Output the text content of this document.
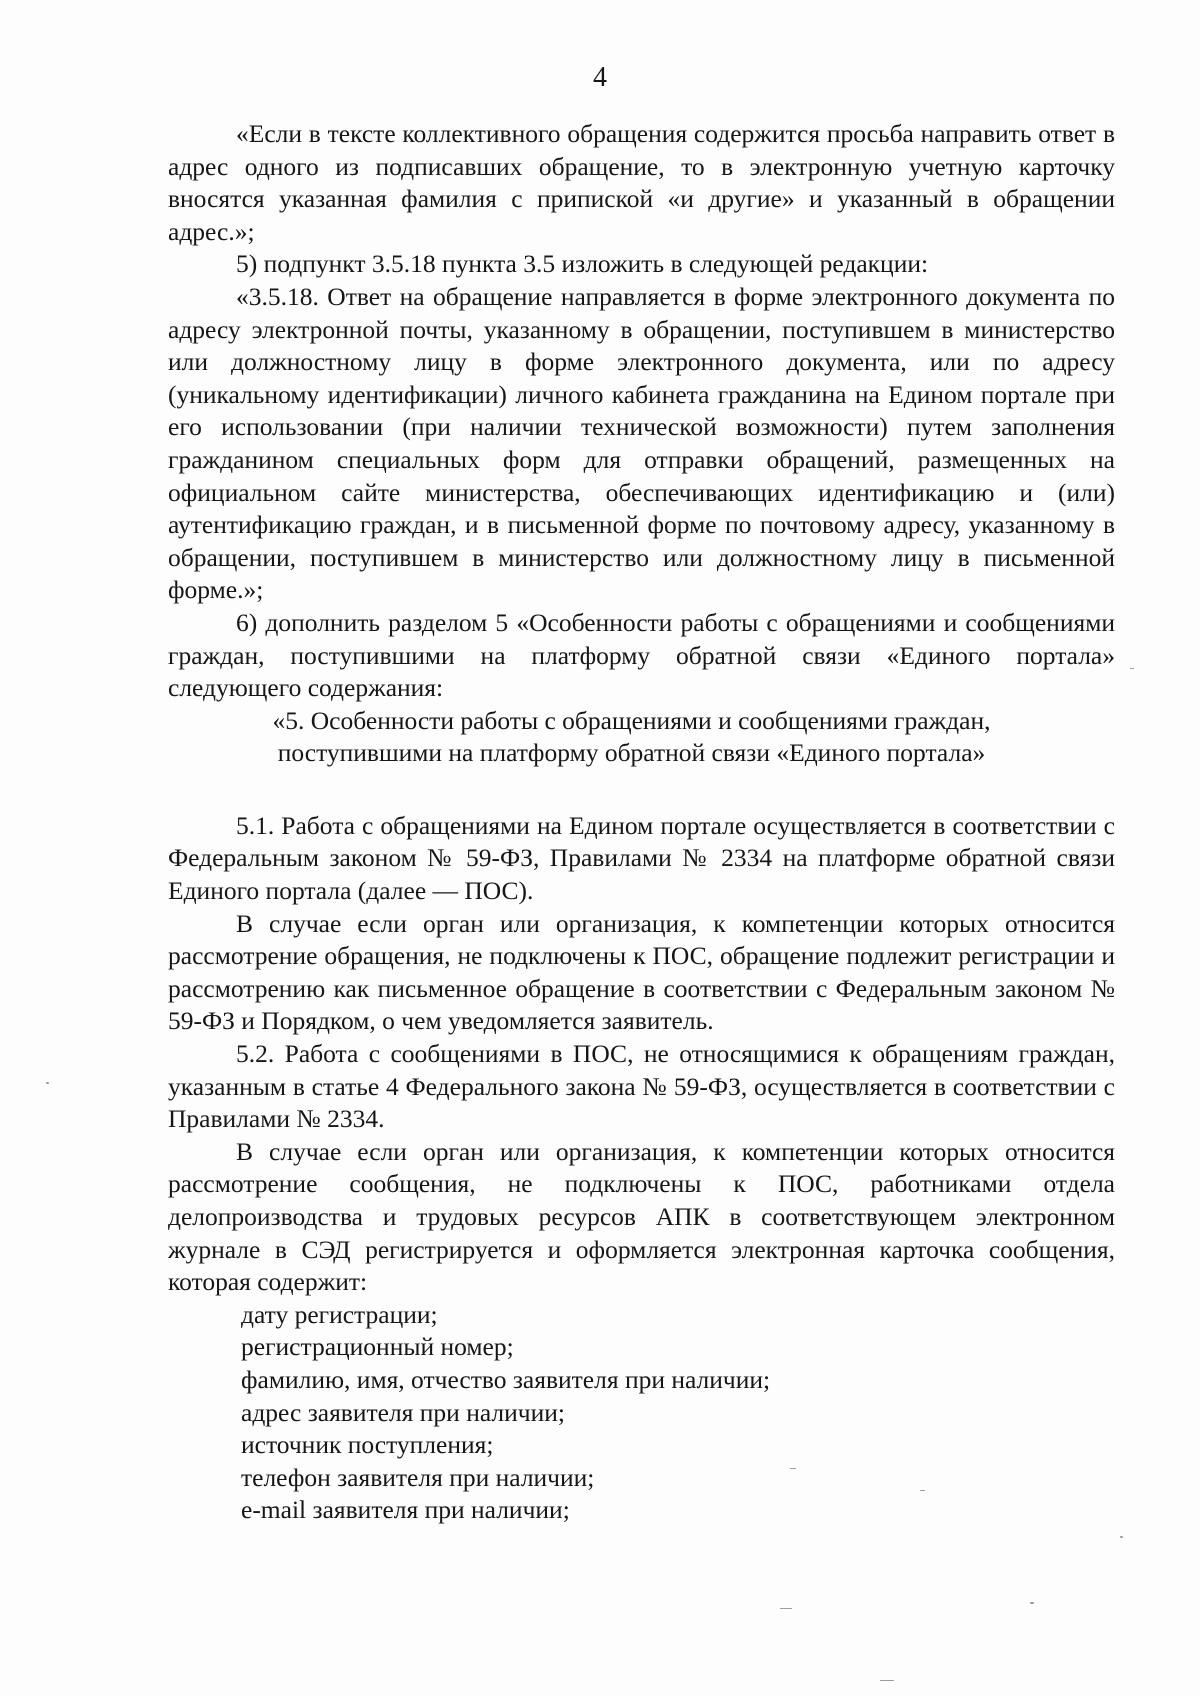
4

«Если в тексте коллективного обращения содержится просьба направить ответ в адрес одного из подписавших обращение, то в электронную учетную карточку вносятся указанная фамилия с припиской «и другие» и указанный в обращении адрес.»;

5) подпункт 3.5.18 пункта 3.5 изложить в следующей редакции:

«3.5.18. Ответ на обращение направляется в форме электронного документа по адресу электронной почты, указанному в обращении, поступившем в министерство или должностному лицу в форме электронного документа, или по адресу (уникальному идентификации) личного кабинета гражданина на Едином портале при его использовании (при наличии технической возможности) путем заполнения гражданином специальных форм для отправки обращений, размещенных на официальном сайте министерства, обеспечивающих идентификацию и (или) аутентификацию граждан, и в письменной форме по почтовому адресу, указанному в обращении, поступившем в министерство или должностному лицу в письменной форме.»;

6) дополнить разделом 5 «Особенности работы с обращениями и сообщениями граждан, поступившими на платформу обратной связи «Единого портала» следующего содержания:

«5. Особенности работы с обращениями и сообщениями граждан,

поступившими на платформу обратной связи «Единого портала»

5.1. Работа с обращениями на Едином портале осуществляется в соответствии с Федеральным законом № 59-ФЗ, Правилами № 2334 на платформе обратной связи Единого портала (далее — ПОС).

В случае если орган или организация, к компетенции которых относится рассмотрение обращения, не подключены к ПОС, обращение подлежит регистрации и рассмотрению как письменное обращение в соответствии с Федеральным законом № 59-ФЗ и Порядком, о чем уведомляется заявитель.

5.2. Работа с сообщениями в ПОС, не относящимися к обращениям граждан, указанным в статье 4 Федерального закона № 59-ФЗ, осуществляется в соответствии с Правилами № 2334.

В случае если орган или организация, к компетенции которых относится рассмотрение сообщения, не подключены к ПОС, работниками отдела делопроизводства и трудовых ресурсов АПК в соответствующем электронном журнале в СЭД регистрируется и оформляется электронная карточка сообщения, которая содержит:

дату регистрации;
регистрационный номер;
фамилию, имя, отчество заявителя при наличии;
адрес заявителя при наличии;
источник поступления;
телефон заявителя при наличии;
e-mail заявителя при наличии;
